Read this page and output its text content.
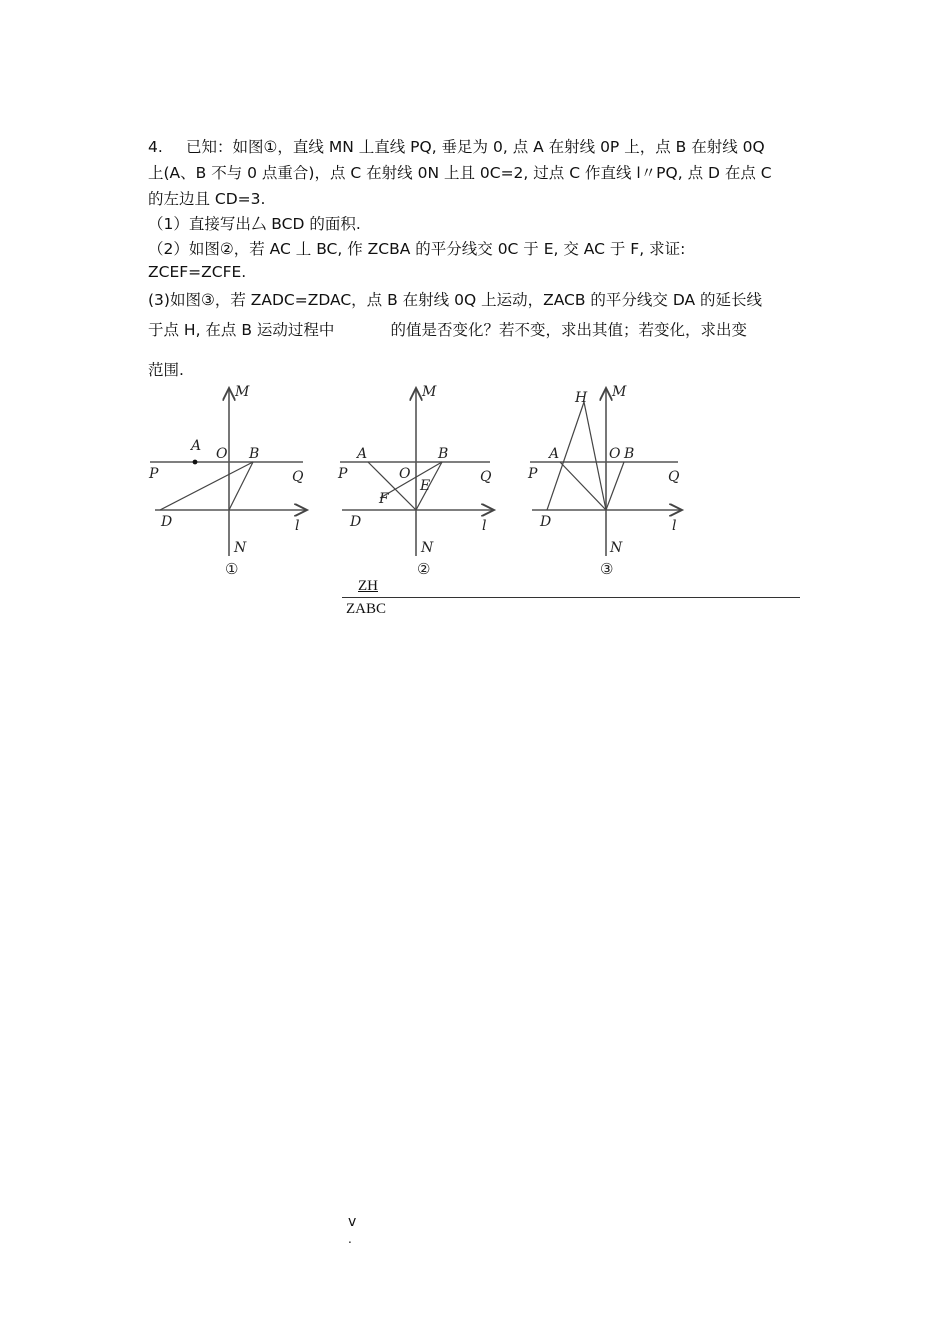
4. 已知：如图①，直线 MN 丄直线 PQ, 垂足为 0, 点 A 在射线 0P 上，点 B 在射线 0Q
上(A、B 不与 0 点重合)，点 C 在射线 0N 上且 0C=2, 过点 C 作直线 l〃PQ, 点 D 在点 C
的左边且 CD=3.
（1）直接写出厶 BCD 的面积.
（2）如图②，若 AC 丄 BC, 作 ZCBA 的平分线交 0C 于 E, 交 AC 于 F, 求证:
ZCEF=ZCFE.
(3)如图③，若 ZADC=ZDAC，点 B 在射线 0Q 上运动，ZACB 的平分线交 DA 的延长线
于点 H, 在点 B 运动过程中	的值是否变化？若不变，求出其值；若变化，求出变
范围.
M
A O B
P	Q
D	l
N
①
M
A
O
B
P	Q
F
E
D	l
N
②
H M
A	O B
P	Q
D	l
N
③
ZH
ZABC
v
.
